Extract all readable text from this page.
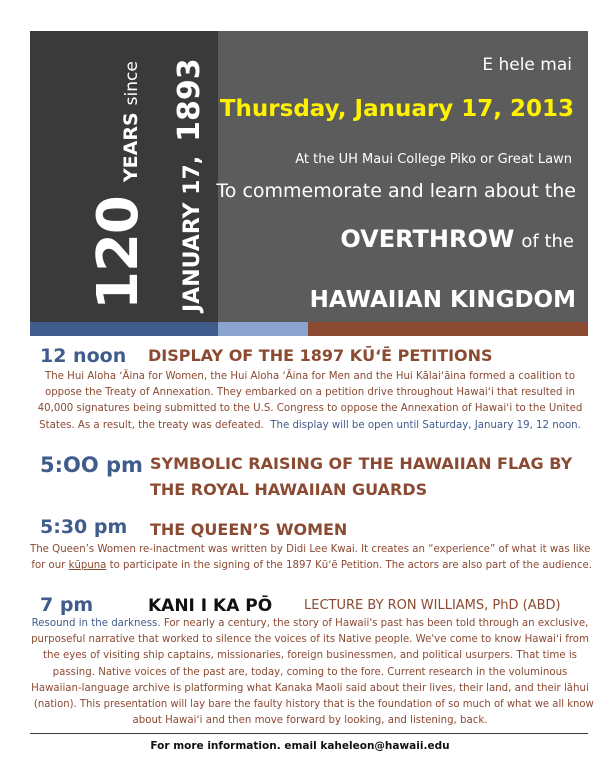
120
YEARS
since
JANUARY 17,
1893	E hele mai
Thursday, January 17, 2013
At the UH Maui College Piko or Great Lawn
To commemorate and learn about the
OVERTHROW of the
HAWAIIAN KINGDOM
12 noon DISPLAY OF THE 1897 KŪʻĒ PETITIONS
The Hui Aloha ʻĀina for Women, the Hui Aloha ʻĀina for Men and the Hui Kālaiʻāina formed a coalition to
oppose the Treaty of Annexation. They embarked on a petition drive throughout Hawaiʻi that resulted in
40,000 signatures being submitted to the U.S. Congress to oppose the Annexation of Hawaiʻi to the United
States. As a result, the treaty was defeated. The display will be open until Saturday, January 19, 12 noon.
5:OO pm SYMBOLIC RAISING OF THE HAWAIIAN FLAG BY
THE ROYAL HAWAIIAN GUARDS
5:30 pm THE QUEEN’S WOMEN
The Queen’s Women re-inactment was written by Didi Lee Kwai. It creates an “experience” of what it was like
for our kūpuna to participate in the signing of the 1897 Kūʻē Petition. The actors are also part of the audience.
7 pm	KANI I KA PŌ LECTURE BY RON WILLIAMS, PhD (ABD)
Resound in the darkness. For nearly a century, the story of Hawaii's past has been told through an exclusive,
purposeful narrative that worked to silence the voices of its Native people. We've come to know Hawaiʻi from
the eyes of visiting ship captains, missionaries, foreign businessmen, and political usurpers. That time is
passing. Native voices of the past are, today, coming to the fore. Current research in the voluminous
Hawaiian-language archive is platforming what Kanaka Maoli said about their lives, their land, and their lāhui
(nation). This presentation will lay bare the faulty history that is the foundation of so much of what we all know
about Hawaiʻi and then move forward by looking, and listening, back.
For more information. email kaheleon@hawaii.edu
